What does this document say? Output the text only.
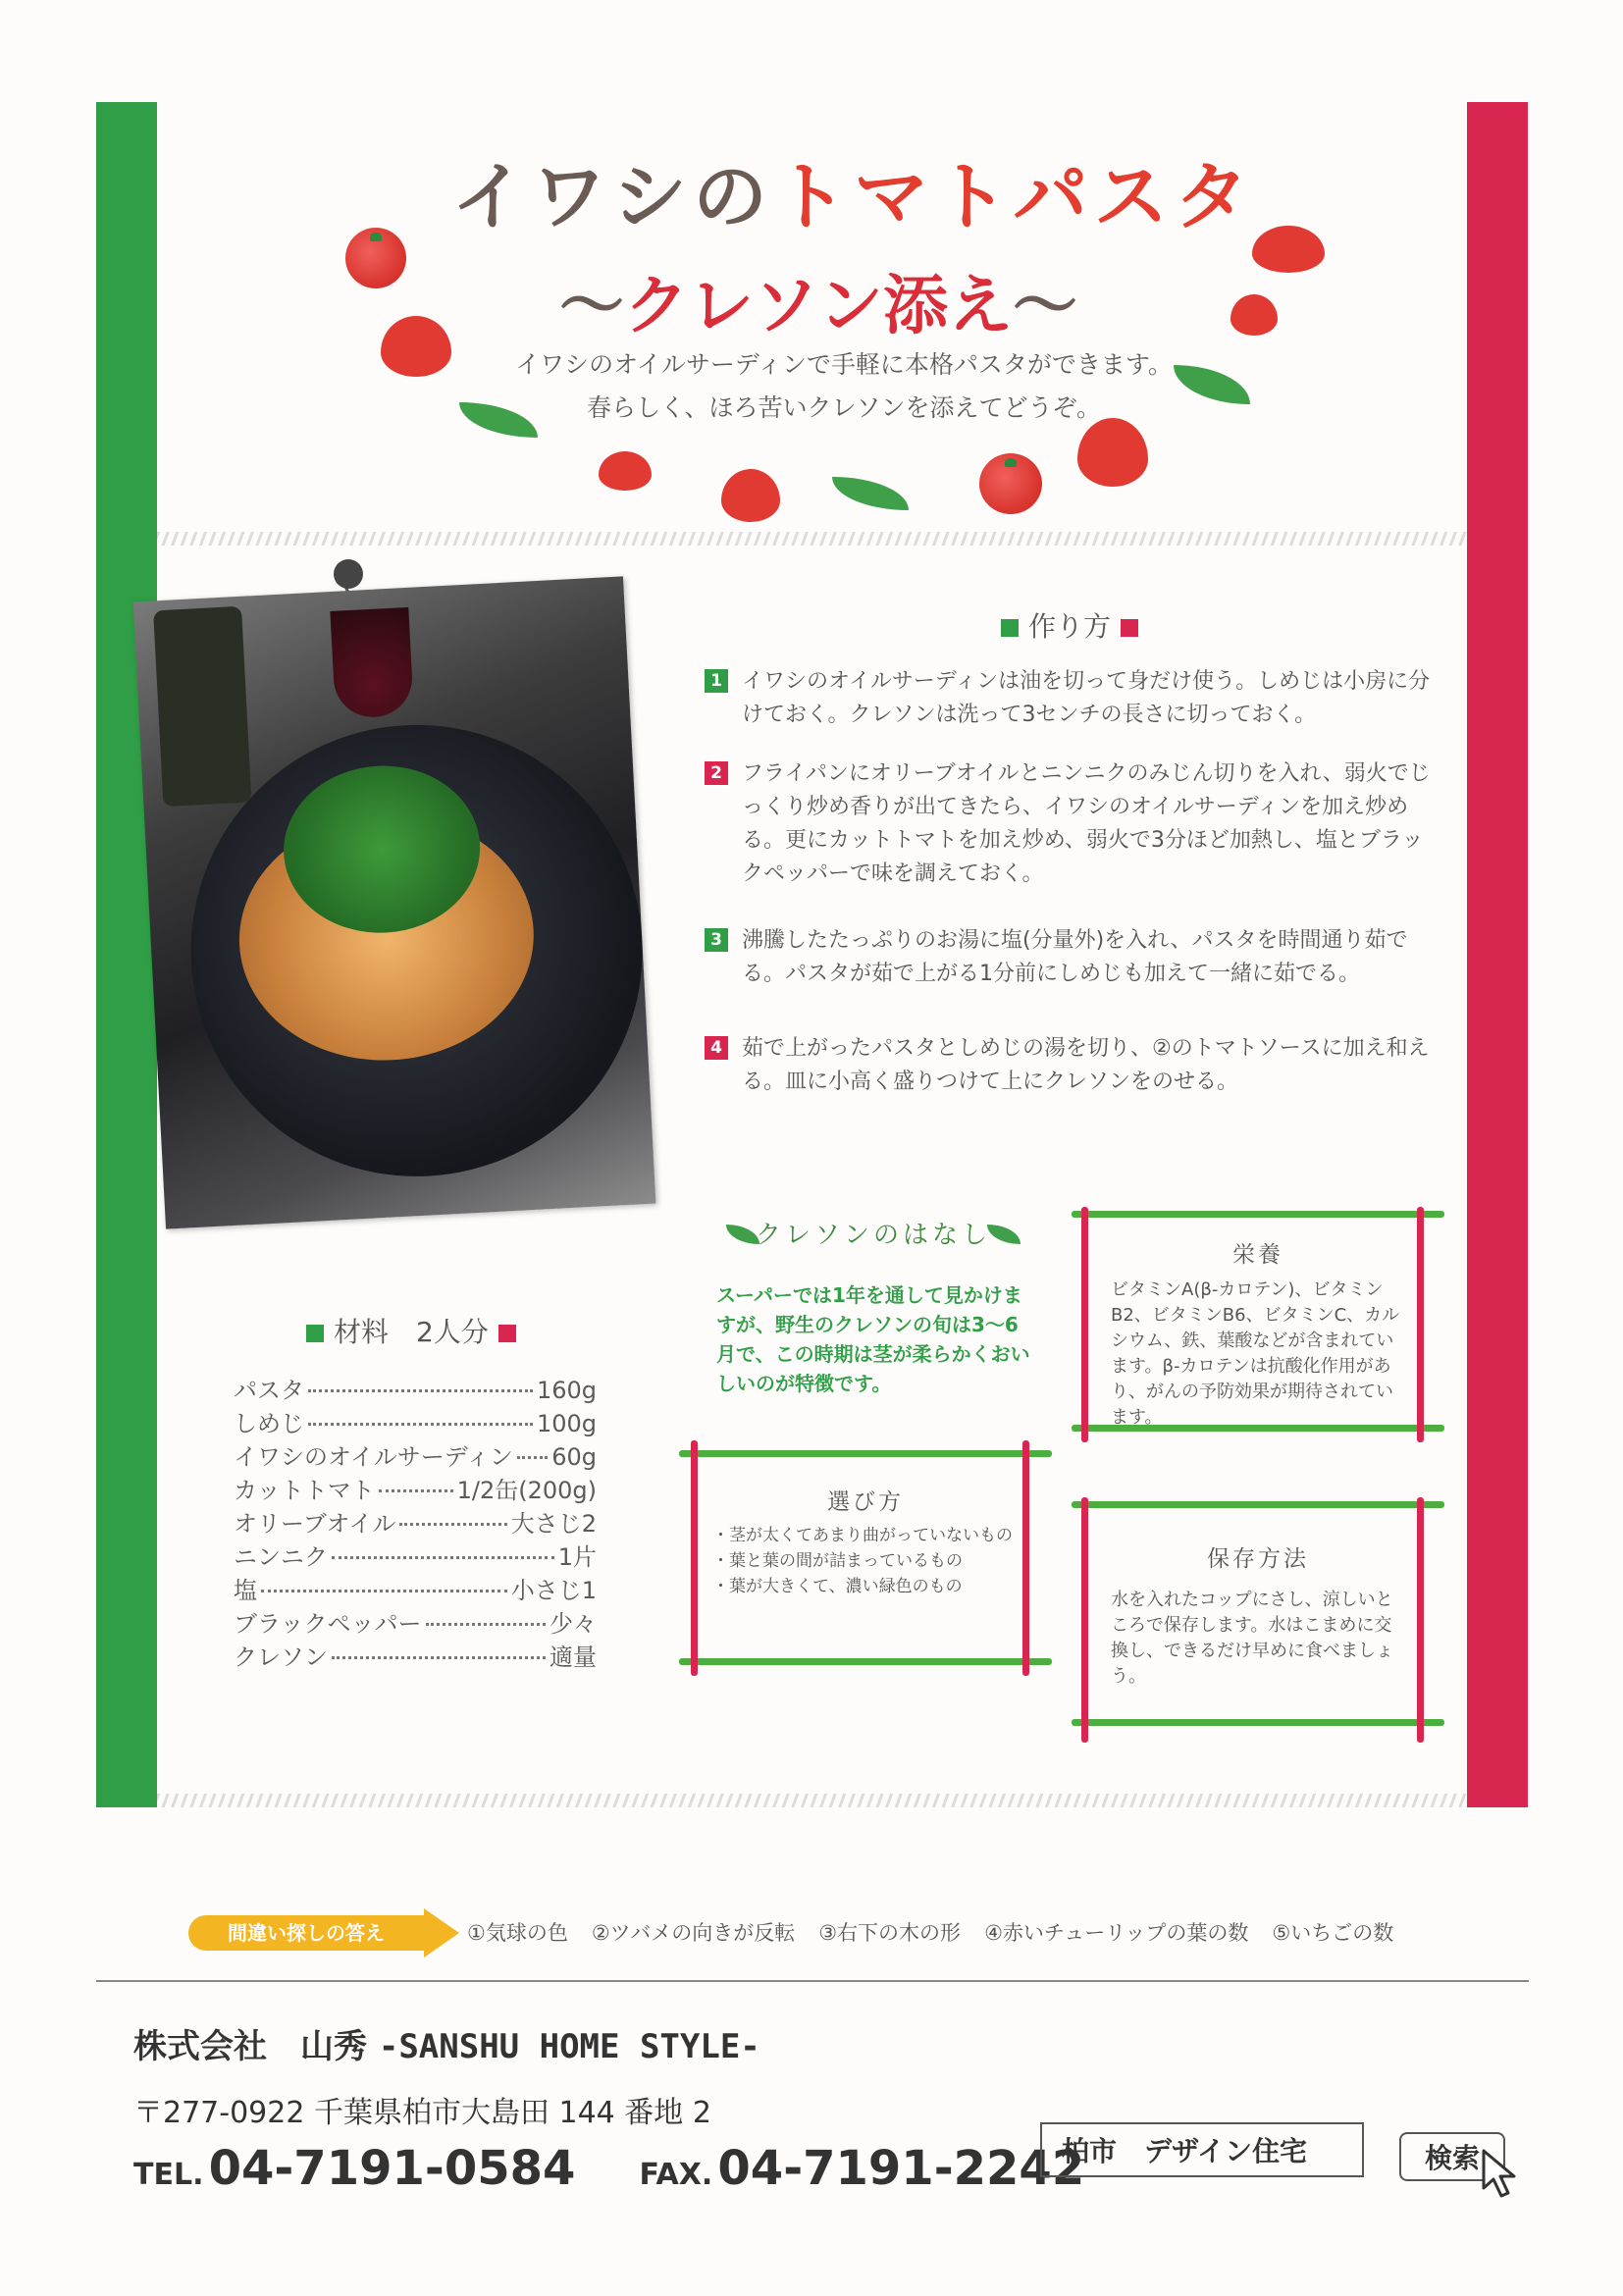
イワシのトマトパスタ
〜クレソン添え〜
イワシのオイルサーディンで手軽に本格パスタができます。
春らしく、ほろ苦いクレソンを添えてどうぞ。
作り方
1 イワシのオイルサーディンは油を切って身だけ使う。しめじは小房に分けておく。クレソンは洗って3センチの長さに切っておく。
2 フライパンにオリーブオイルとニンニクのみじん切りを入れ、弱火でじっくり炒め香りが出てきたら、イワシのオイルサーディンを加え炒める。更にカットトマトを加え炒め、弱火で3分ほど加熱し、塩とブラックペッパーで味を調えておく。
3 沸騰したたっぷりのお湯に塩(分量外)を入れ、パスタを時間通り茹でる。パスタが茹で上がる1分前にしめじも加えて一緒に茹でる。
4 茹で上がったパスタとしめじの湯を切り、②のトマトソースに加え和える。皿に小高く盛りつけて上にクレソンをのせる。
材料　2人分
パスタ	160g
しめじ	100g
イワシのオイルサーディン 60g
カットトマト	1/2缶(200g)
オリーブオイル	大さじ2
ニンニク	1片
塩	小さじ1
ブラックペッパー	少々
クレソン	適量
クレソンのはなし
スーパーでは1年を通して見かけますが、野生のクレソンの旬は3〜6月で、この時期は茎が柔らかくおいしいのが特徴です。
栄養
ビタミンA(β-カロテン)、ビタミンB2、ビタミンB6、ビタミンC、カルシウム、鉄、葉酸などが含まれています。β-カロテンは抗酸化作用があり、がんの予防効果が期待されています。
選び方
・茎が太くてあまり曲がっていないもの
・葉と葉の間が詰まっているもの
・葉が大きくて、濃い緑色のもの
保存方法
水を入れたコップにさし、涼しいところで保存します。水はこまめに交換し、できるだけ早めに食べましょう。
間違い探しの答え	①気球の色 ②ツバメの向きが反転 ③右下の木の形 ④赤いチューリップの葉の数 ⑤いちごの数
株式会社　山秀 -SANSHU HOME STYLE-
〒277-0922 千葉県柏市大島田 144 番地 2
TEL. 04-7191-0584 FAX. 04-7191-2242
柏市　デザイン住宅	検索
